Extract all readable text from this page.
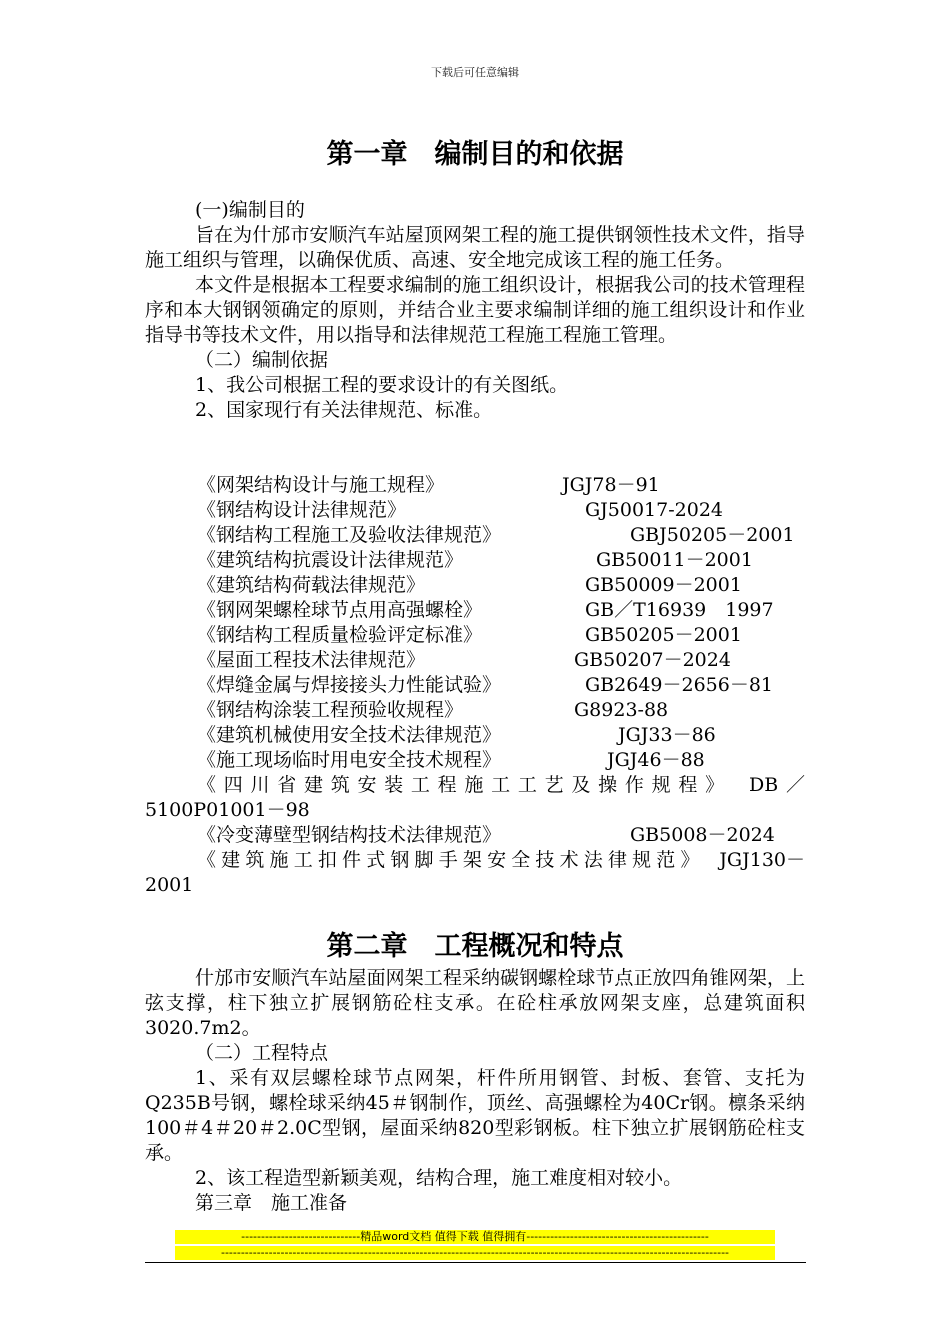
下载后可任意编辑
第一章　编制目的和依据

(一)编制目的

旨在为什邡市安顺汽车站屋顶网架工程的施工提供钢领性技术文件，指导施工组织与管理，以确保优质、高速、安全地完成该工程的施工任务。

本文件是根据本工程要求编制的施工组织设计，根据我公司的技术管理程序和本大钢钢领确定的原则，并结合业主要求编制详细的施工组织设计和作业指导书等技术文件，用以指导和法律规范工程施工程施工管理。

（二）编制依据

1、我公司根据工程的要求设计的有关图纸。

2、国家现行有关法律规范、标准。

《网架结构设计与施工规程》	JGJ78－91
《钢结构设计法律规范》	GJ50017-2024
《钢结构工程施工及验收法律规范》	GBJ50205－2001
《建筑结构抗震设计法律规范》	GB50011－2001
《建筑结构荷载法律规范》	GB50009－2001
《钢网架螺栓球节点用高强螺栓》	GB／T16939　1997
《钢结构工程质量检验评定标准》	GB50205－2001
《屋面工程技术法律规范》	GB50207－2024
《焊缝金属与焊接接头力性能试验》	GB2649－2656－81
《钢结构涂装工程预验收规程》	G8923-88
《建筑机械使用安全技术法律规范》	JGJ33－86
《施工现场临时用电安全技术规程》	JGJ46－88
《四川省建筑安装工程施工工艺及操作规程》　DB／
5100P01001－98
《冷变薄壁型钢结构技术法律规范》	GB5008－2024
《建筑施工扣件式钢脚手架安全技术法律规范》　JGJ130－
2001
第二章　工程概况和特点

什邡市安顺汽车站屋面网架工程采纳碳钢螺栓球节点正放四角锥网架，上弦支撑，柱下独立扩展钢筋砼柱支承。在砼柱承放网架支座，总建筑面积3020.7m2。

（二）工程特点

1、采有双层螺栓球节点网架，杆件所用钢管、封板、套管、支托为Q235B号钢，螺栓球采纳45＃钢制作，顶丝、高强螺栓为40Cr钢。檩条采纳100＃4＃20＃2.0C型钢，屋面采纳820型彩钢板。柱下独立扩展钢筋砼柱支承。

2、该工程造型新颖美观，结构合理，施工难度相对较小。

第三章　施工准备

------------------------------精品word文档 值得下载 值得拥有----------------------------------------------
--------------------------------------------------------------------------------------------------------------------------------
